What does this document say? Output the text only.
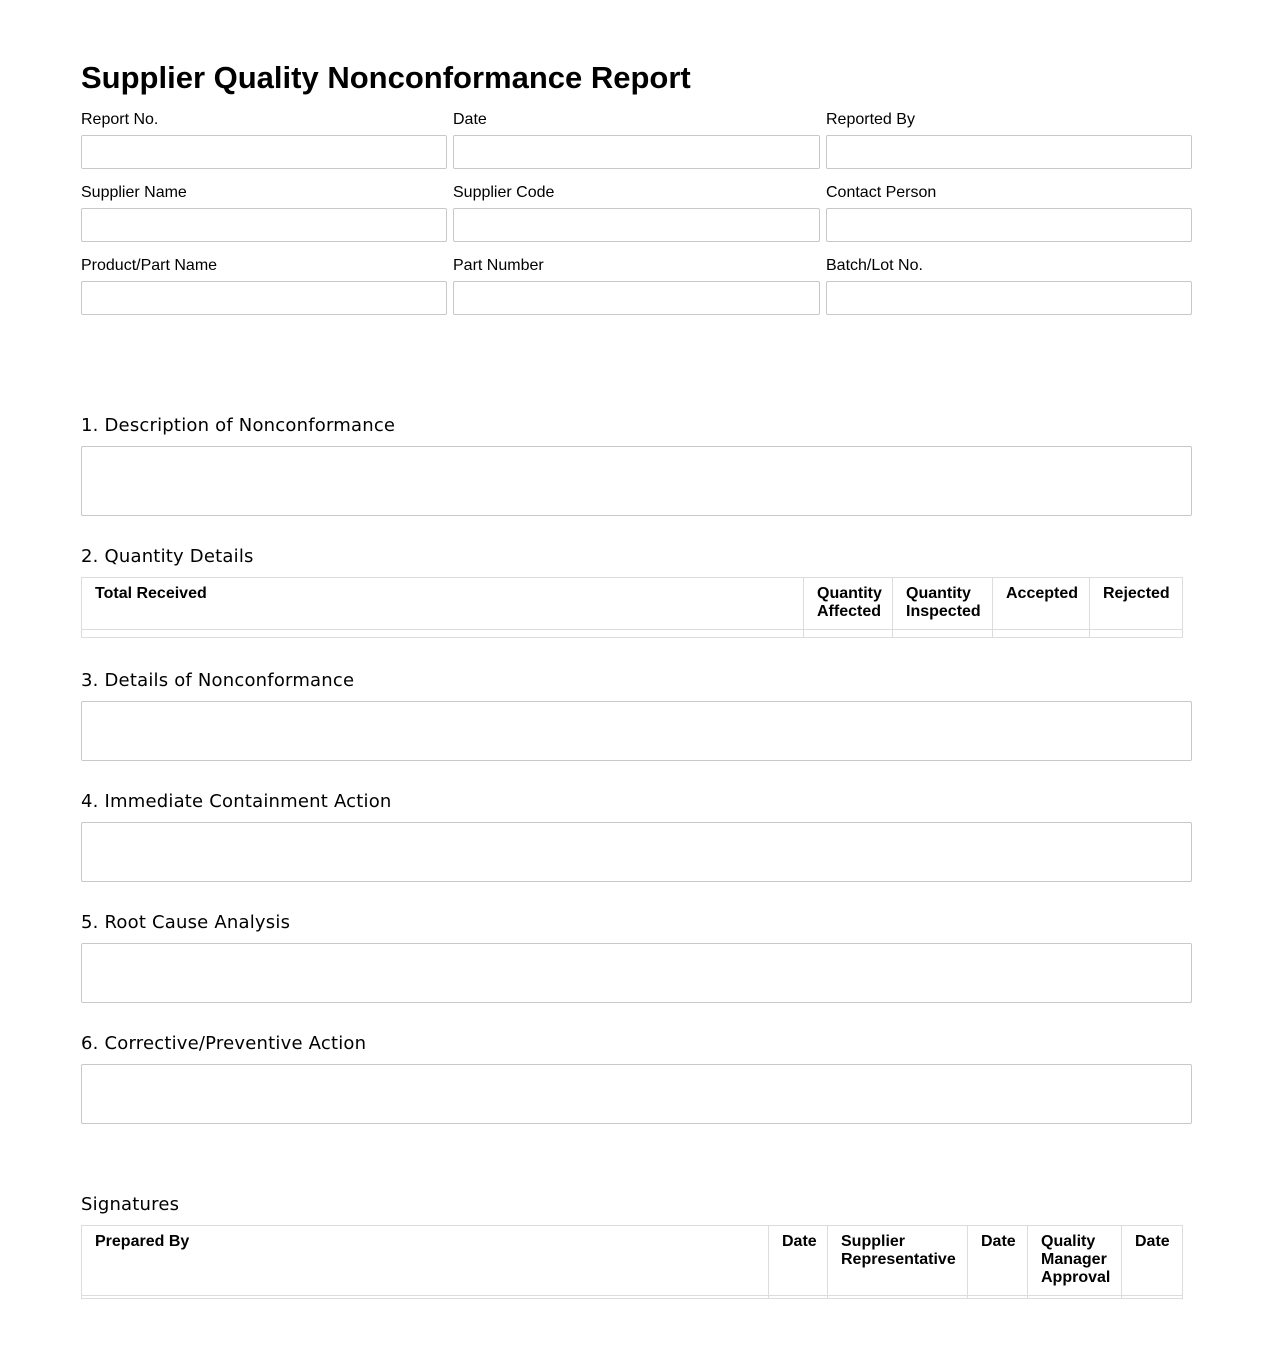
Supplier Quality Nonconformance Report
Report No.	Date	Reported By
Supplier Name	Supplier Code	Contact Person
Product/Part Name	Part Number	Batch/Lot No.
1. Description of Nonconformance
2. Quantity Details
Total Received	Quantity Affected	Quantity Inspected	Accepted	Rejected

3. Details of Nonconformance
4. Immediate Containment Action
5. Root Cause Analysis
6. Corrective/Preventive Action
Signatures
Prepared By	Date	Supplier Representative	Date	Quality Manager Approval	Date
